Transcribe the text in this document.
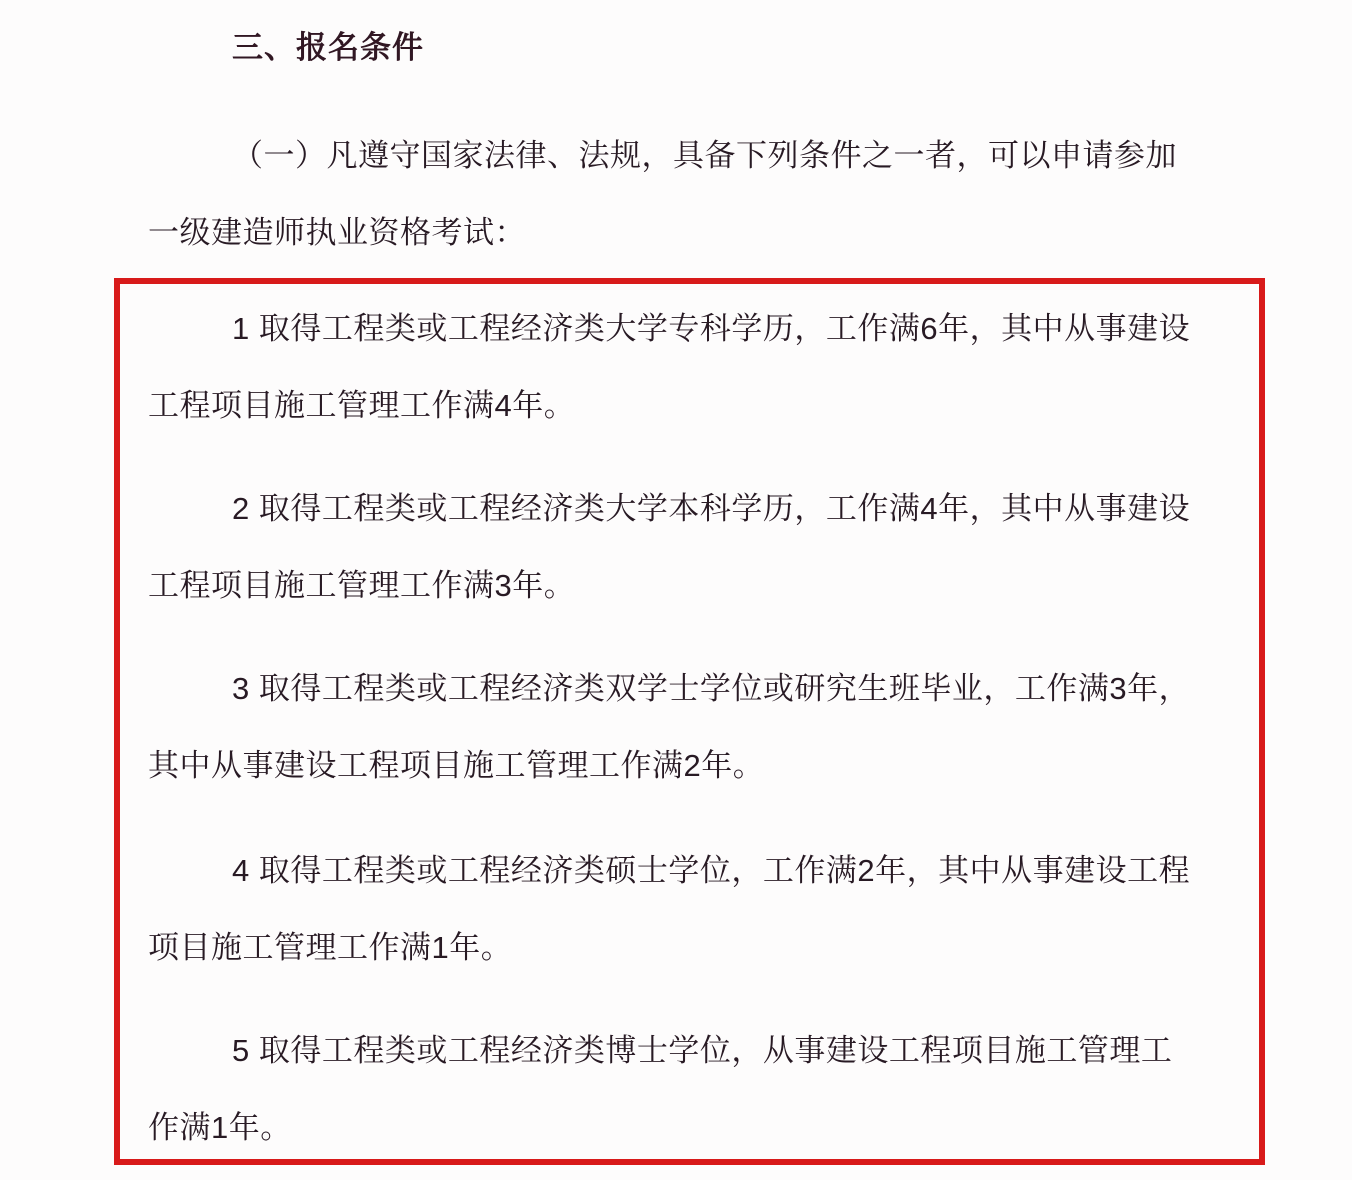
三、报名条件
（一）凡遵守国家法律、法规，具备下列条件之一者，可以申请参加
一级建造师执业资格考试：
1 取得工程类或工程经济类大学专科学历，工作满6年，其中从事建设
工程项目施工管理工作满4年。
2 取得工程类或工程经济类大学本科学历，工作满4年，其中从事建设
工程项目施工管理工作满3年。
3 取得工程类或工程经济类双学士学位或研究生班毕业，工作满3年，
其中从事建设工程项目施工管理工作满2年。
4 取得工程类或工程经济类硕士学位，工作满2年，其中从事建设工程
项目施工管理工作满1年。
5 取得工程类或工程经济类博士学位，从事建设工程项目施工管理工
作满1年。
